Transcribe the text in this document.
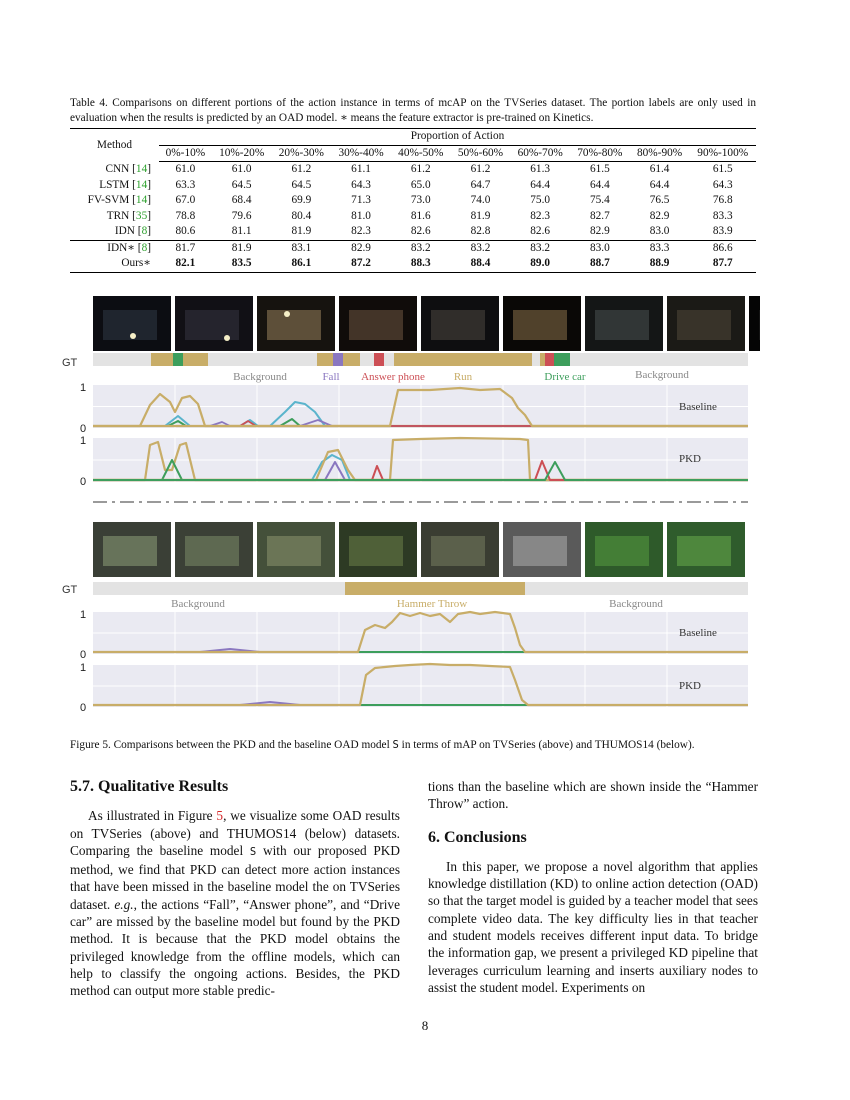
Table 4. Comparisons on different portions of the action instance in terms of mcAP on the TVSeries dataset. The portion labels are only used in evaluation when the results is predicted by an OAD model. ∗ means the feature extractor is pre-trained on Kinetics.
Method	Proportion of Action									
	0%-10%	10%-20%	20%-30%	30%-40%	40%-50%	50%-60%	60%-70%	70%-80%	80%-90%	90%-100%
CNN [14]	61.0	61.0	61.2	61.1	61.2	61.2	61.3	61.5	61.4	61.5
LSTM [14]	63.3	64.5	64.5	64.3	65.0	64.7	64.4	64.4	64.4	64.3
FV-SVM [14]	67.0	68.4	69.9	71.3	73.0	74.0	75.0	75.4	76.5	76.8
TRN [35]	78.8	79.6	80.4	81.0	81.6	81.9	82.3	82.7	82.9	83.3
IDN [8]	80.6	81.1	81.9	82.3	82.6	82.8	82.6	82.9	83.0	83.9
IDN∗ [8]	81.7	81.9	83.1	82.9	83.2	83.2	83.2	83.0	83.3	86.6
Ours∗	82.1	83.5	86.1	87.2	88.3	88.4	89.0	88.7	88.9	87.7
GT
Background	Fall Answer phone	Run	Drive car	Background
1
0
Baseline
1
0
PKD
GT
Background	Hammer Throw	Background
1
0
Baseline
1
0
PKD
Figure 5. Comparisons between the PKD and the baseline OAD model S in terms of mAP on TVSeries (above) and THUMOS14 (below).
5.7. Qualitative Results

As illustrated in Figure 5, we visualize some OAD results on TVSeries (above) and THUMOS14 (below) datasets. Comparing the baseline model S with our proposed PKD method, we find that PKD can detect more action instances that have been missed in the baseline model the on TVSeries dataset. e.g., the actions “Fall”, “Answer phone”, and “Drive car” are missed by the baseline model but found by the PKD method. It is because that the PKD model obtains the privileged knowledge from the offline models, which can help to classify the ongoing actions. Besides, the PKD method can output more stable predic-

tions than the baseline which are shown inside the “Hammer Throw” action.

6. Conclusions

In this paper, we propose a novel algorithm that applies knowledge distillation (KD) to online action detection (OAD) so that the target model is guided by a teacher model that sees complete video data. The key difficulty lies in that teacher and student models receives different input data. To bridge the information gap, we present a privileged KD pipeline that leverages curriculum learning and inserts auxiliary nodes to assist the student model. Experiments on

8
